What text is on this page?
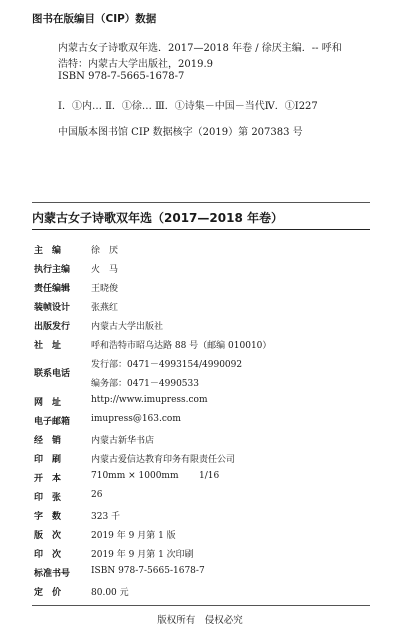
图书在版编目（CIP）数据
内蒙古女子诗歌双年选．2017—2018 年卷 / 徐厌主编．-- 呼和
浩特：内蒙古大学出版社，2019.9
ISBN 978-7-5665-1678-7
Ⅰ．①内… Ⅱ．①徐… Ⅲ．①诗集－中国－当代Ⅳ．①I227
中国版本图书馆 CIP 数据核字（2019）第 207383 号
内蒙古女子诗歌双年选（2017—2018 年卷）
主　编	徐　厌
执行主编	火　马
责任编辑	王晓俊
装帧设计	张燕红
出版发行	内蒙古大学出版社
社　址	呼和浩特市昭乌达路 88 号（邮编 010010）
联系电话
发行部：0471－4993154/4990092
编务部：0471－4990533
网　址	http://www.imupress.com
电子邮箱	imupress@163.com
经　销	内蒙古新华书店
印　刷	内蒙古爱信达教育印务有限责任公司
开　本	710mm × 1000mm 1/16
印　张	26
字　数	323 千
版　次	2019 年 9 月第 1 版
印　次	2019 年 9 月第 1 次印刷
标准书号	ISBN 978-7-5665-1678-7
定　价	80.00 元
版权所有　侵权必究
